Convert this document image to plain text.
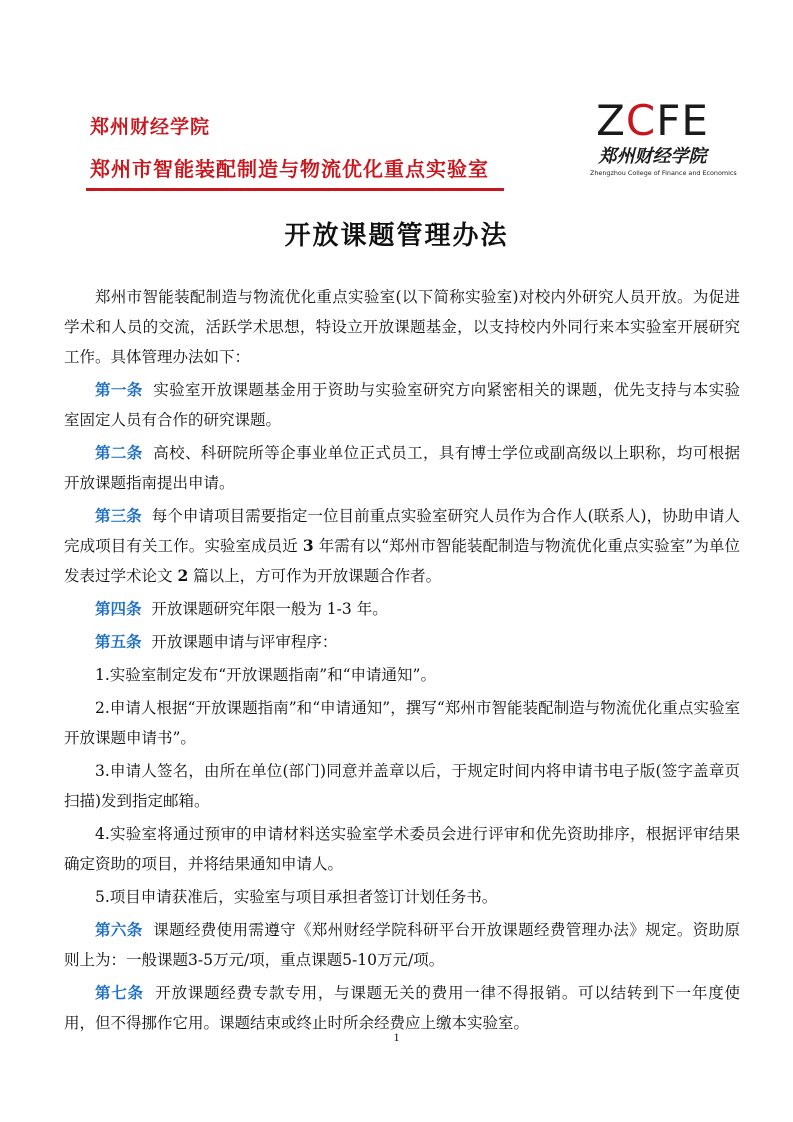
郑州财经学院
郑州市智能装配制造与物流优化重点实验室
ZCFE
郑州财经学院
Zhengzhou College of Finance and Economics
开放课题管理办法

郑州市智能装配制造与物流优化重点实验室(以下简称实验室)对校内外研究人员开放。为促进学术和人员的交流，活跃学术思想，特设立开放课题基金，以支持校内外同行来本实验室开展研究工作。具体管理办法如下：

第一条 实验室开放课题基金用于资助与实验室研究方向紧密相关的课题，优先支持与本实验室固定人员有合作的研究课题。

第二条 高校、科研院所等企事业单位正式员工，具有博士学位或副高级以上职称，均可根据开放课题指南提出申请。

第三条 每个申请项目需要指定一位目前重点实验室研究人员作为合作人(联系人)，协助申请人完成项目有关工作。实验室成员近 3 年需有以“郑州市智能装配制造与物流优化重点实验室”为单位发表过学术论文 2 篇以上，方可作为开放课题合作者。

第四条 开放课题研究年限一般为 1-3 年。

第五条 开放课题申请与评审程序：

1.实验室制定发布“开放课题指南”和“申请通知”。

2.申请人根据“开放课题指南”和“申请通知”，撰写“郑州市智能装配制造与物流优化重点实验室开放课题申请书”。

3.申请人签名，由所在单位(部门)同意并盖章以后，于规定时间内将申请书电子版(签字盖章页扫描)发到指定邮箱。

4.实验室将通过预审的申请材料送实验室学术委员会进行评审和优先资助排序，根据评审结果确定资助的项目，并将结果通知申请人。

5.项目申请获准后，实验室与项目承担者签订计划任务书。

第六条 课题经费使用需遵守《郑州财经学院科研平台开放课题经费管理办法》规定。资助原则上为：一般课题3-5万元/项，重点课题5-10万元/项。

第七条 开放课题经费专款专用，与课题无关的费用一律不得报销。可以结转到下一年度使用，但不得挪作它用。课题结束或终止时所余经费应上缴本实验室。

1
